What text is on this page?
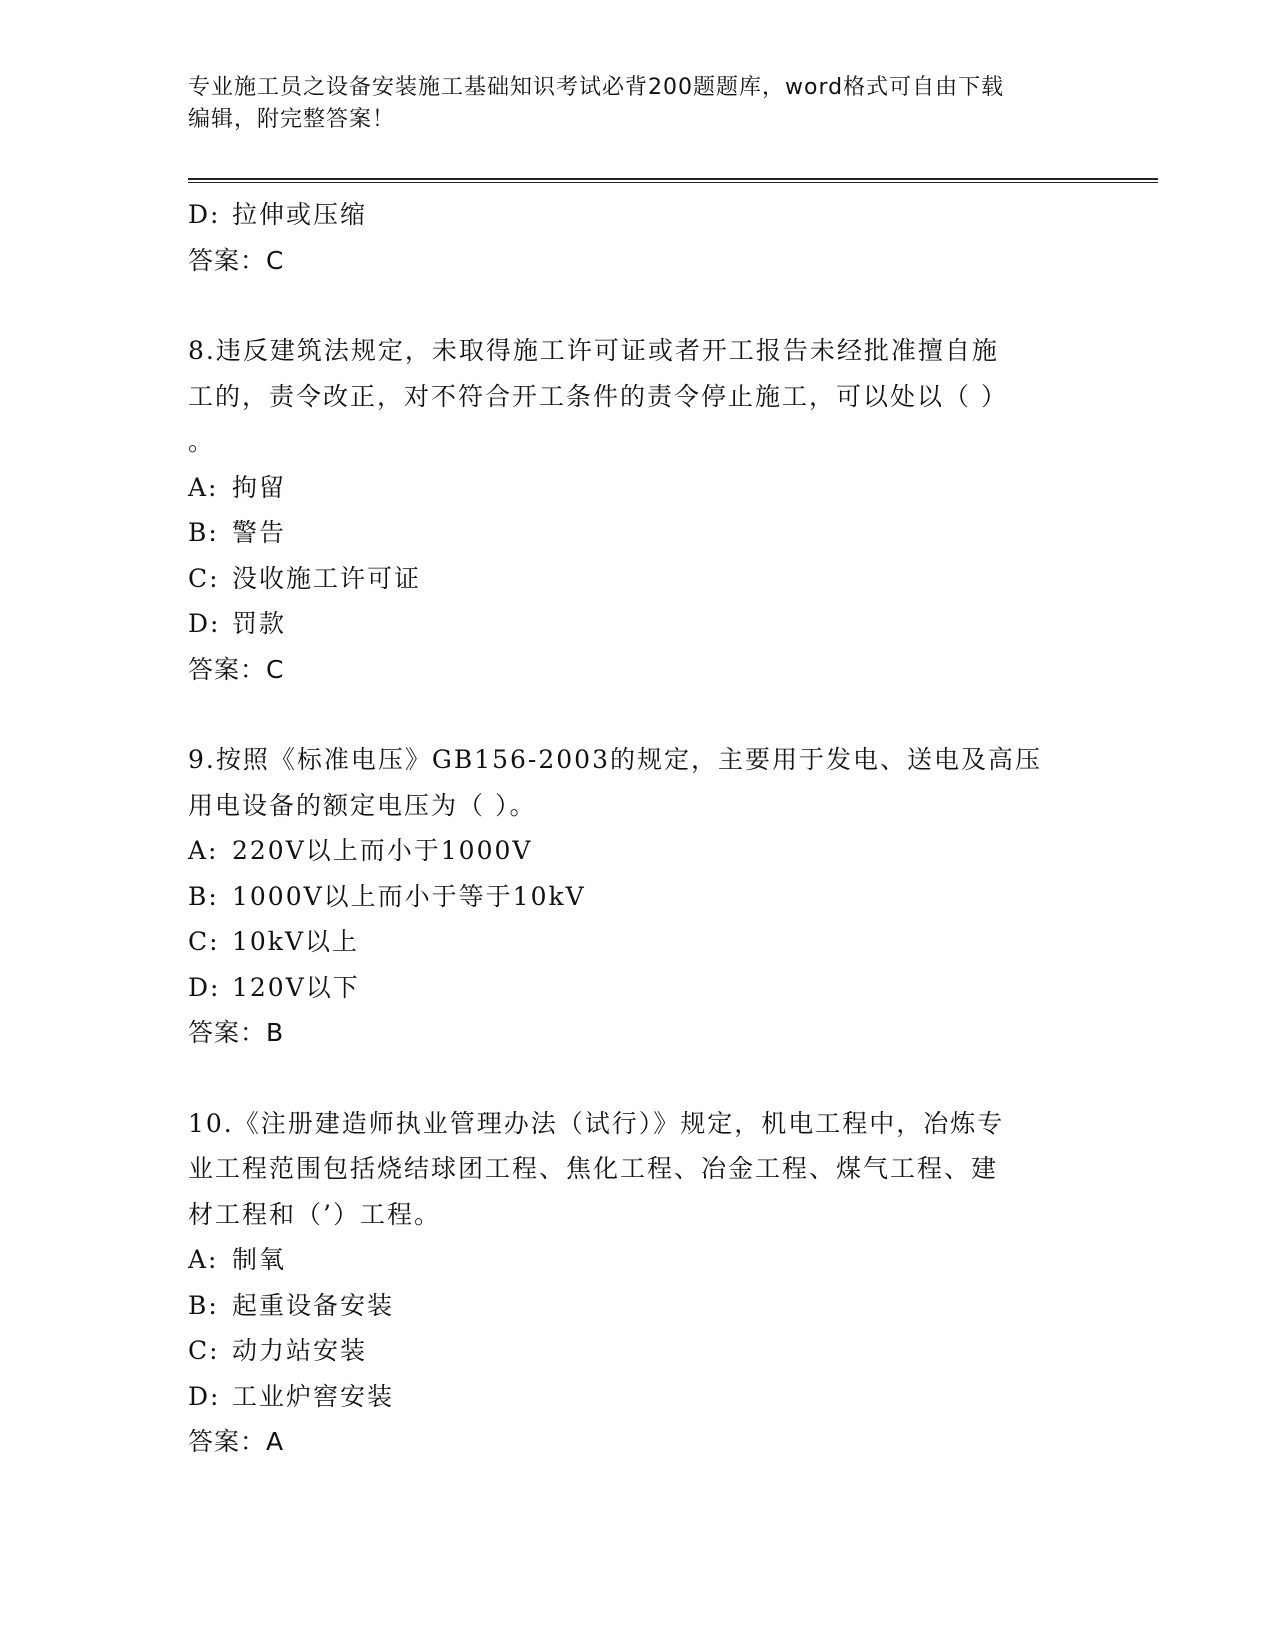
专业施工员之设备安装施工基础知识考试必背200题题库，word格式可自由下载
编辑，附完整答案！
D: 拉伸或压缩
答案：C
8.违反建筑法规定，未取得施工许可证或者开工报告未经批准擅自施
工的，责令改正，对不符合开工条件的责令停止施工，可以处以（ ）
。
A: 拘留
B: 警告
C: 没收施工许可证
D: 罚款
答案：C
9.按照《标准电压》GB156-2003的规定，主要用于发电、送电及高压
用电设备的额定电压为（ ）。
A: 220V以上而小于1000V
B: 1000V以上而小于等于10kV
C: 10kV以上
D: 120V以下
答案：B
10.《注册建造师执业管理办法（试行）》规定，机电工程中，冶炼专
业工程范围包括烧结球团工程、焦化工程、冶金工程、煤气工程、建
材工程和（’）工程。
A: 制氧
B: 起重设备安装
C: 动力站安装
D: 工业炉窖安装
答案：A
